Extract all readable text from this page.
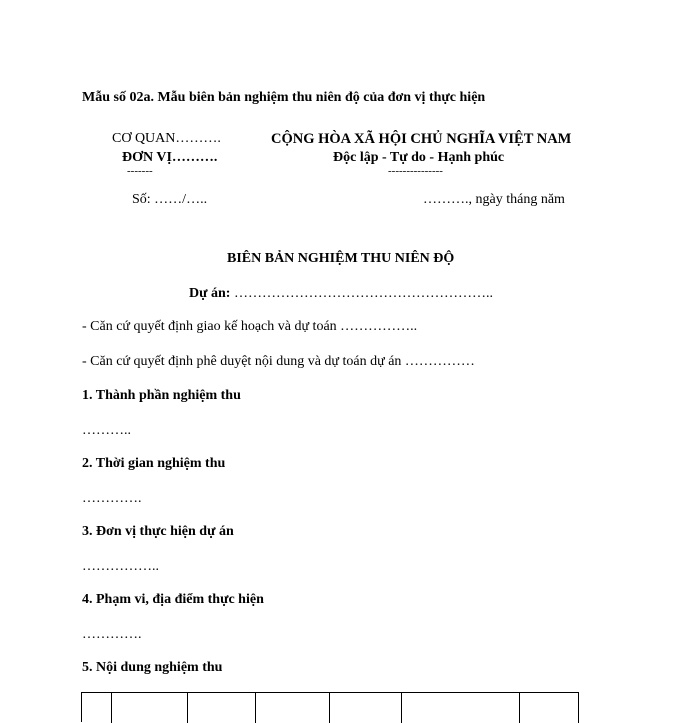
Mẫu số 02a. Mẫu biên bản nghiệm thu niên độ của đơn vị thực hiện
CƠ QUAN……….
ĐƠN VỊ……….
-------
CỘNG HÒA XÃ HỘI CHỦ NGHĨA VIỆT NAM
Độc lập - Tự do - Hạnh phúc
---------------
Số: ……/…..	………., ngày tháng năm
BIÊN BẢN NGHIỆM THU NIÊN ĐỘ
Dự án: ………………………………………………..
- Căn cứ quyết định giao kế hoạch và dự toán ……………..
- Căn cứ quyết định phê duyệt nội dung và dự toán dự án ……………
1. Thành phần nghiệm thu
………..
2. Thời gian nghiệm thu
………….
3. Đơn vị thực hiện dự án
……………..
4. Phạm vi, địa điểm thực hiện
………….
5. Nội dung nghiệm thu
